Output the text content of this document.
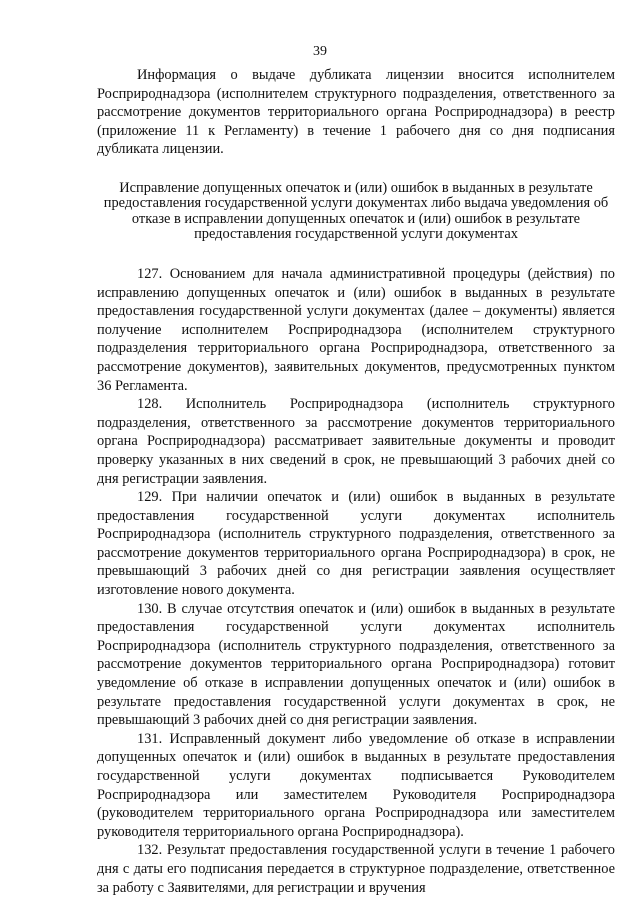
39

Информация о выдаче дубликата лицензии вносится исполнителем Росприроднадзора (исполнителем структурного подразделения, ответственного за рассмотрение документов территориального органа Росприроднадзора) в реестр (приложение 11 к Регламенту) в течение 1 рабочего дня со дня подписания дубликата лицензии.

Исправление допущенных опечаток и (или) ошибок в выданных в результате предоставления государственной услуги документах либо выдача уведомления об отказе в исправлении допущенных опечаток и (или) ошибок в результате предоставления государственной услуги документах

127. Основанием для начала административной процедуры (действия) по исправлению допущенных опечаток и (или) ошибок в выданных в результате предоставления государственной услуги документах (далее – документы) является получение исполнителем Росприроднадзора (исполнителем структурного подразделения территориального органа Росприроднадзора, ответственного за рассмотрение документов), заявительных документов, предусмотренных пунктом 36 Регламента.

128. Исполнитель Росприроднадзора (исполнитель структурного подразделения, ответственного за рассмотрение документов территориального органа Росприроднадзора) рассматривает заявительные документы и проводит проверку указанных в них сведений в срок, не превышающий 3 рабочих дней со дня регистрации заявления.

129. При наличии опечаток и (или) ошибок в выданных в результате предоставления государственной услуги документах исполнитель Росприроднадзора (исполнитель структурного подразделения, ответственного за рассмотрение документов территориального органа Росприроднадзора) в срок, не превышающий 3 рабочих дней со дня регистрации заявления осуществляет изготовление нового документа.

130. В случае отсутствия опечаток и (или) ошибок в выданных в результате предоставления государственной услуги документах исполнитель Росприроднадзора (исполнитель структурного подразделения, ответственного за рассмотрение документов территориального органа Росприроднадзора) готовит уведомление об отказе в исправлении допущенных опечаток и (или) ошибок в результате предоставления государственной услуги документах в срок, не превышающий 3 рабочих дней со дня регистрации заявления.

131. Исправленный документ либо уведомление об отказе в исправлении допущенных опечаток и (или) ошибок в выданных в результате предоставления государственной услуги документах подписывается Руководителем Росприроднадзора или заместителем Руководителя Росприроднадзора (руководителем территориального органа Росприроднадзора или заместителем руководителя территориального органа Росприроднадзора).

132. Результат предоставления государственной услуги в течение 1 рабочего дня с даты его подписания передается в структурное подразделение, ответственное за работу с Заявителями, для регистрации и вручения
